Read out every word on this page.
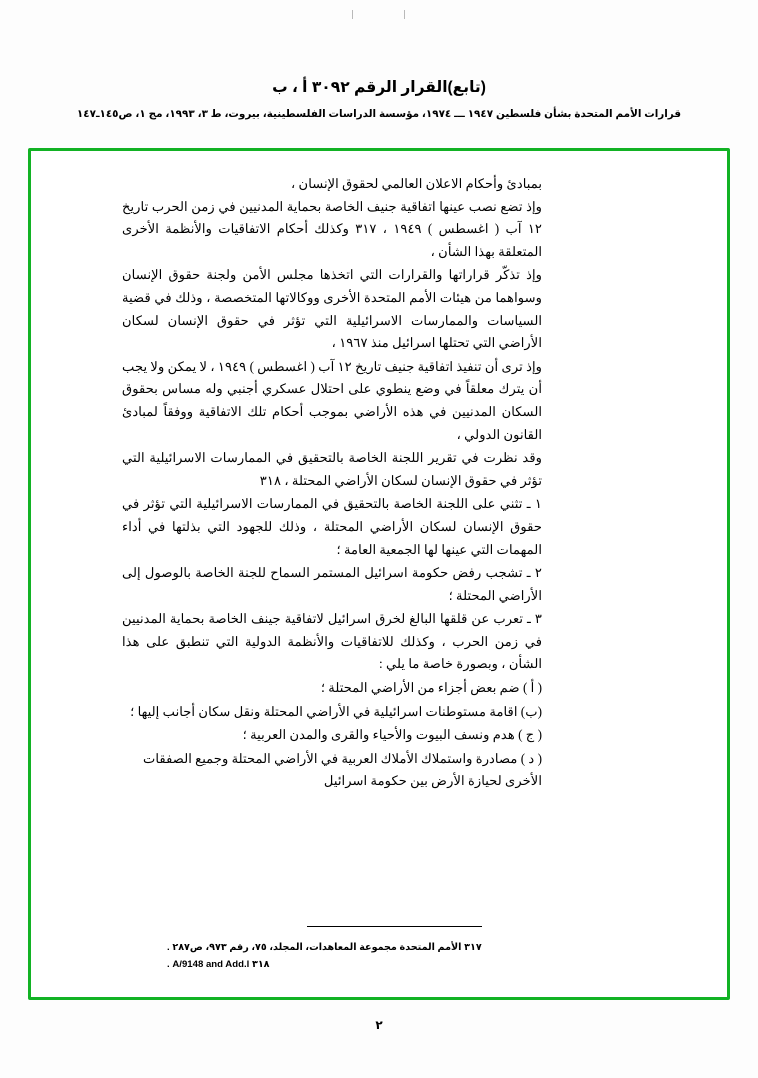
(تابع)القرار الرقم ٣٠٩٢ أ ، ب
قرارات الأمم المتحدة بشأن فلسطين ١٩٤٧ ـــ ١٩٧٤، مؤسسة الدراسات الفلسطينية، بيروت، ط ٣، ١٩٩٣، مج ١، ص١٤٥ـ١٤٧

بمبادئ وأحكام الاعلان العالمي لحقوق الإنسان ،

وإذ تضع نصب عينها اتفاقية جنيف الخاصة بحماية المدنيين في زمن الحرب تاريخ ١٢ آب ( اغسطس ) ١٩٤٩ ، ٣١٧ وكذلك أحكام الاتفاقيات والأنظمة الأخرى المتعلقة بهذا الشأن ،

وإذ تذكّر قراراتها والقرارات التي اتخذها مجلس الأمن ولجنة حقوق الإنسان وسواهما من هيئات الأمم المتحدة الأخرى ووكالاتها المتخصصة ، وذلك في قضية السياسات والممارسات الاسرائيلية التي تؤثر في حقوق الإنسان لسكان الأراضي التي تحتلها اسرائيل منذ ١٩٦٧ ،

وإذ ترى أن تنفيذ اتفاقية جنيف تاريخ ١٢ آب ( اغسطس ) ١٩٤٩ ، لا يمكن ولا يجب أن يترك معلقاً في وضع ينطوي على احتلال عسكري أجنبي وله مساس بحقوق السكان المدنيين في هذه الأراضي بموجب أحكام تلك الاتفاقية ووفقاً لمبادئ القانون الدولي ،

وقد نظرت في تقرير اللجنة الخاصة بالتحقيق في الممارسات الاسرائيلية التي تؤثر في حقوق الإنسان لسكان الأراضي المحتلة ، ٣١٨

١ ـ تثني على اللجنة الخاصة بالتحقيق في الممارسات الاسرائيلية التي تؤثر في حقوق الإنسان لسكان الأراضي المحتلة ، وذلك للجهود التي بذلتها في أداء المهمات التي عينها لها الجمعية العامة ؛

٢ ـ تشجب رفض حكومة اسرائيل المستمر السماح للجنة الخاصة بالوصول إلى الأراضي المحتلة ؛

٣ ـ تعرب عن قلقها البالغ لخرق اسرائيل لاتفاقية جينف الخاصة بحماية المدنيين في زمن الحرب ، وكذلك للاتفاقيات والأنظمة الدولية التي تنطبق على هذا الشأن ، وبصورة خاصة ما يلي :

( أ ) ضم بعض أجزاء من الأراضي المحتلة ؛

(ب) اقامة مستوطنات اسرائيلية في الأراضي المحتلة ونقل سكان أجانب إليها ؛

( ج ) هدم ونسف البيوت والأحياء والقرى والمدن العربية ؛

( د ) مصادرة واستملاك الأملاك العربية في الأراضي المحتلة وجميع الصفقات الأخرى لحيازة الأرض بين حكومة اسرائيل

٣١٧ الأمم المتحدة مجموعة المعاهدات، المجلد، ٧٥، رقم ٩٧٣، ص٢٨٧ .
٣١٨ A/9148 and Add.l .
٢
